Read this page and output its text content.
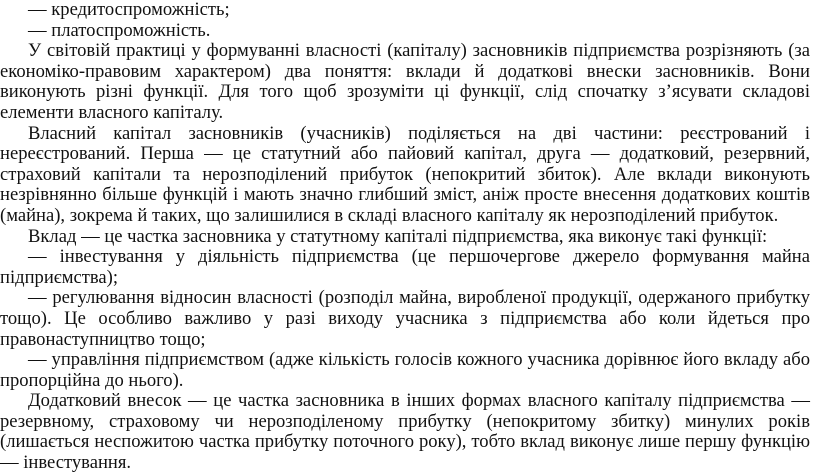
— кредитоспроможність;

— платоспроможність.

У світовій практиці у формуванні власності (капіталу) засновників підприємства розрізняють (за економіко-правовим характером) два поняття: вклади й додаткові внески засновників. Вони виконують різні функції. Для того щоб зрозуміти ці функції, слід спочатку з’ясувати складові елементи власного капіталу.

Власний капітал засновників (учасників) поділяється на дві частини: реєстрований і нереєстрований. Перша — це статутний або пайовий капітал, друга — додатковий, резервний, страховий капітали та нерозподілений прибуток (непокритий збиток). Але вклади виконують незрівнянно більше функцій і мають значно глибший зміст, аніж просте внесення додаткових коштів (майна), зокрема й таких, що залишилися в складі власного капіталу як нерозподілений прибуток.

Вклад — це частка засновника у статутному капіталі підприємства, яка виконує такі функції:

— інвестування у діяльність підприємства (це першочергове джерело формування майна підприємства);

— регулювання відносин власності (розподіл майна, виробленої продукції, одержаного прибутку тощо). Це особливо важливо у разі виходу учасника з підприємства або коли йдеться про правонаступництво тощо;

— управління підприємством (адже кількість голосів кожного учасника дорівнює його вкладу або пропорційна до нього).

Додатковий внесок — це частка засновника в інших формах власного капіталу підприємства — резервному, страховому чи нерозподіленому прибутку (непокритому збитку) минулих років (лишається неспожитою частка прибутку поточного року), тобто вклад виконує лише першу функцію — інвестування.
